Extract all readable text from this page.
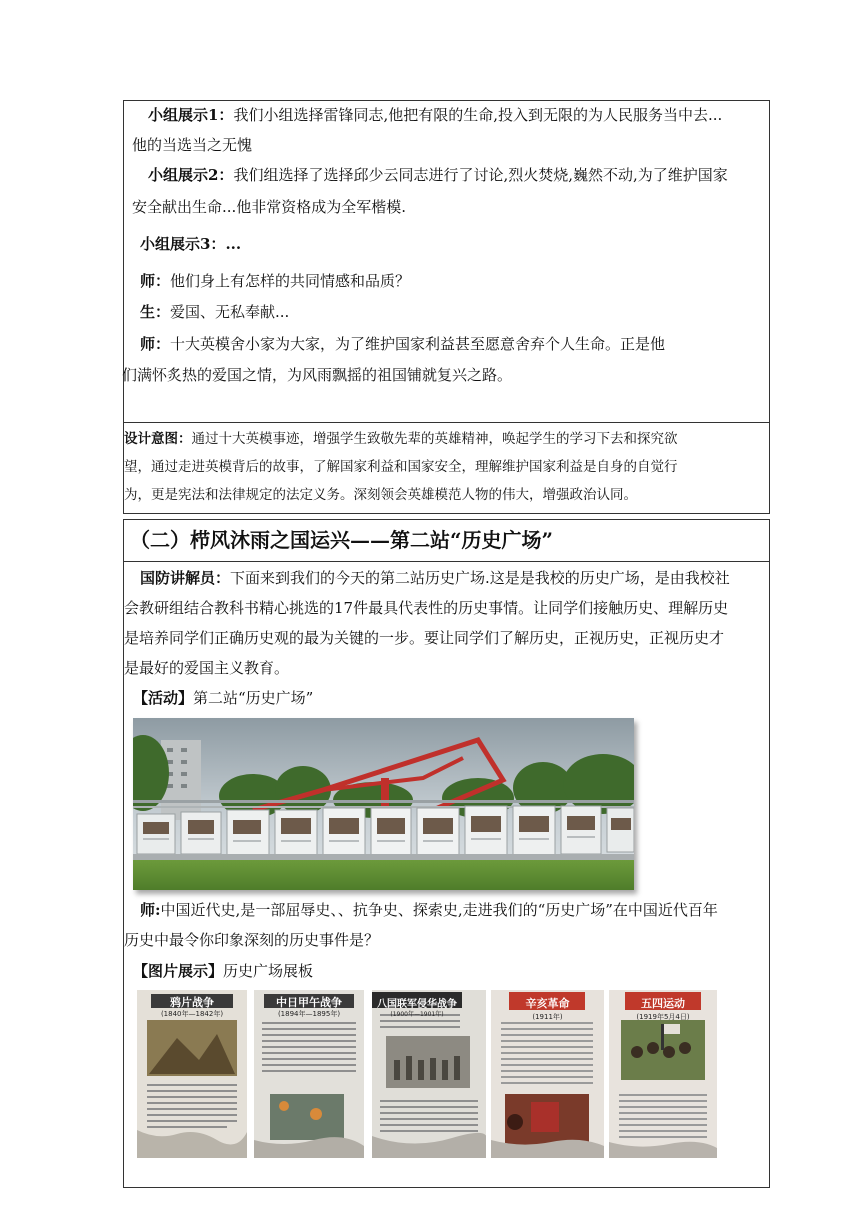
小组展示1：我们小组选择雷锋同志,他把有限的生命,投入到无限的为人民服务当中去...
他的当选当之无愧
小组展示2：我们组选择了选择邱少云同志进行了讨论,烈火焚烧,巍然不动,为了维护国家
安全献出生命...他非常资格成为全军楷模.
小组展示3：...
师：他们身上有怎样的共同情感和品质？
生：爱国、无私奉献...
师：十大英模舍小家为大家，为了维护国家利益甚至愿意舍弃个人生命。正是他
们满怀炙热的爱国之情，为风雨飘摇的祖国铺就复兴之路。
设计意图：通过十大英模事迹，增强学生致敬先辈的英雄精神，唤起学生的学习下去和探究欲
望，通过走进英模背后的故事，了解国家利益和国家安全，理解维护国家利益是自身的自觉行
为，更是宪法和法律规定的法定义务。深刻领会英雄模范人物的伟大，增强政治认同。
（二）栉风沐雨之国运兴——第二站“历史广场”
国防讲解员：下面来到我们的今天的第二站历史广场.这是是我校的历史广场，是由我校社
会教研组结合教科书精心挑选的17件最具代表性的历史事情。让同学们接触历史、理解历史
是培养同学们正确历史观的最为关键的一步。要让同学们了解历史，正视历史，正视历史才
是最好的爱国主义教育。
【活动】第二站“历史广场”
师:中国近代史,是一部屈辱史、、抗争史、探索史,走进我们的“历史广场”在中国近代百年
历史中最令你印象深刻的历史事件是？
【图片展示】历史广场展板
鸦片战争
(1840年—1842年)
中日甲午战争
(1894年—1895年)
八国联军侵华战争
(1900年—1901年)
辛亥革命
(1911年)
五四运动
(1919年5月4日)
